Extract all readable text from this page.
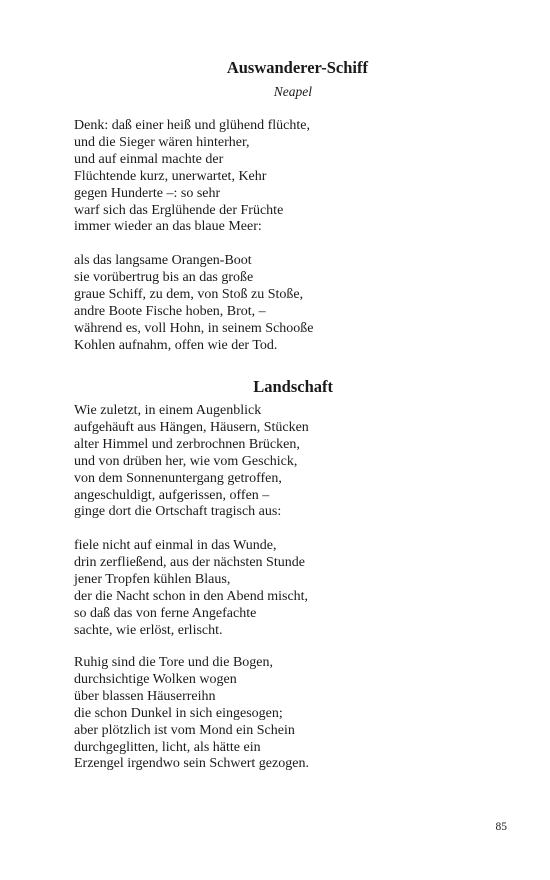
Auswanderer-Schiff
Neapel
Denk: daß einer heiß und glühend flüchte,
und die Sieger wären hinterher,
und auf einmal machte der
Flüchtende kurz, unerwartet, Kehr
gegen Hunderte –: so sehr
warf sich das Erglühende der Früchte
immer wieder an das blaue Meer:
als das langsame Orangen-Boot
sie vorübertrug bis an das große
graue Schiff, zu dem, von Stoß zu Stoße,
andre Boote Fische hoben, Brot, –
während es, voll Hohn, in seinem Schooße
Kohlen aufnahm, offen wie der Tod.
Landschaft
Wie zuletzt, in einem Augenblick
aufgehäuft aus Hängen, Häusern, Stücken
alter Himmel und zerbrochnen Brücken,
und von drüben her, wie vom Geschick,
von dem Sonnenuntergang getroffen,
angeschuldigt, aufgerissen, offen –
ginge dort die Ortschaft tragisch aus:
fiele nicht auf einmal in das Wunde,
drin zerfließend, aus der nächsten Stunde
jener Tropfen kühlen Blaus,
der die Nacht schon in den Abend mischt,
so daß das von ferne Angefachte
sachte, wie erlöst, erlischt.
Ruhig sind die Tore und die Bogen,
durchsichtige Wolken wogen
über blassen Häuserreihn
die schon Dunkel in sich eingesogen;
aber plötzlich ist vom Mond ein Schein
durchgeglitten, licht, als hätte ein
Erzengel irgendwo sein Schwert gezogen.
85
